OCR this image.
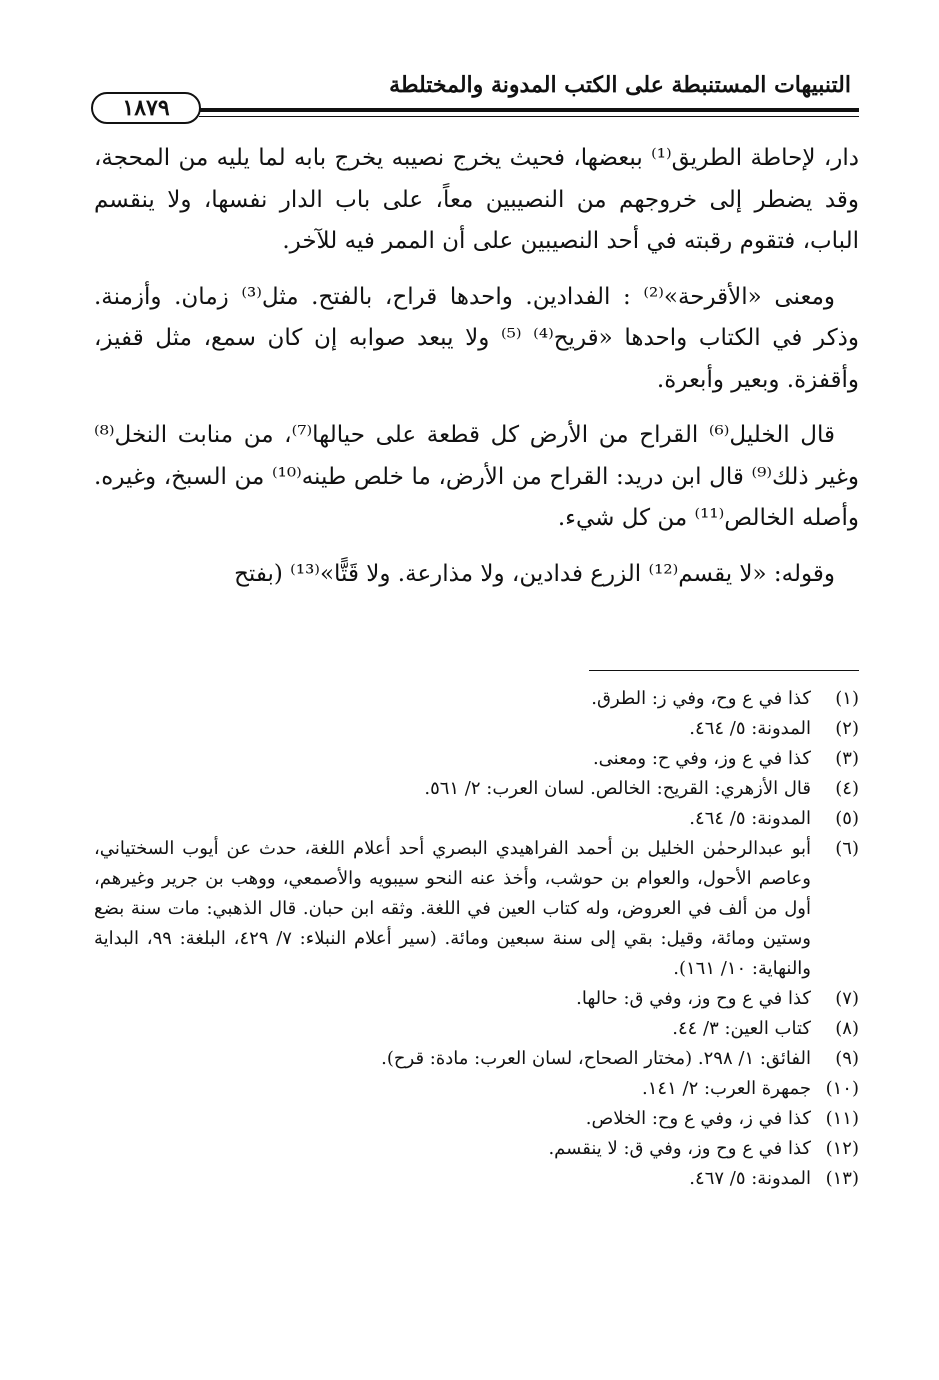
التنبيهات المستنبطة على الكتب المدونة والمختلطة
١٨٧٩

دار، لإحاطة الطريق⁽¹⁾ ببعضها، فحيث يخرج نصيبه يخرج بابه لما يليه من المحجة، وقد يضطر إلى خروجهم من النصيبين معاً، على باب الدار نفسها، ولا ينقسم الباب، فتقوم رقبته في أحد النصيبين على أن الممر فيه للآخر.

ومعنى «الأقرحة»⁽²⁾ : الفدادين. واحدها قراح، بالفتح. مثل⁽³⁾ زمان. وأزمنة. وذكر في الكتاب واحدها «قريح⁽⁴⁾ ⁽⁵⁾ ولا يبعد صوابه إن كان سمع، مثل قفيز، وأقفزة. وبعير وأبعرة.

قال الخليل⁽⁶⁾ القراح من الأرض كل قطعة على حيالها⁽⁷⁾، من منابت النخل⁽⁸⁾ وغير ذلك⁽⁹⁾ قال ابن دريد: القراح من الأرض، ما خلص طينه⁽¹⁰⁾ من السبخ، وغيره. وأصله الخالص⁽¹¹⁾ من كل شيء.

وقوله: «لا يقسم⁽¹²⁾ الزرع فدادين، ولا مذارعة. ولا قَتًّا»⁽¹³⁾ (بفتح

(١)
كذا في ع وح، وفي ز: الطرق.
(٢)
المدونة: ٥/ ٤٦٤.
(٣)
كذا في ع وز، وفي ح: ومعنى.
(٤)
قال الأزهري: القريح: الخالص. لسان العرب: ٢/ ٥٦١.
(٥)
المدونة: ٥/ ٤٦٤.
(٦)
أبو عبدالرحمٰن الخليل بن أحمد الفراهيدي البصري أحد أعلام اللغة، حدث عن أيوب السختياني، وعاصم الأحول، والعوام بن حوشب، وأخذ عنه النحو سيبويه والأصمعي، ووهب بن جرير وغيرهم، أول من ألف في العروض، وله كتاب العين في اللغة. وثقه ابن حبان. قال الذهبي: مات سنة بضع وستين ومائة، وقيل: بقي إلى سنة سبعين ومائة. (سير أعلام النبلاء: ٧/ ٤٢٩، البلغة: ٩٩، البداية والنهاية: ١٠/ ١٦١).
(٧)
كذا في ع وح وز، وفي ق: حالها.
(٨)
كتاب العين: ٣/ ٤٤.
(٩)
الفائق: ١/ ٢٩٨. (مختار الصحاح، لسان العرب: مادة: قرح).
(١٠)
جمهرة العرب: ٢/ ١٤١.
(١١)
كذا في ز، وفي ع وح: الخلاص.
(١٢)
كذا في ع وح وز، وفي ق: لا ينقسم.
(١٣)
المدونة: ٥/ ٤٦٧.
